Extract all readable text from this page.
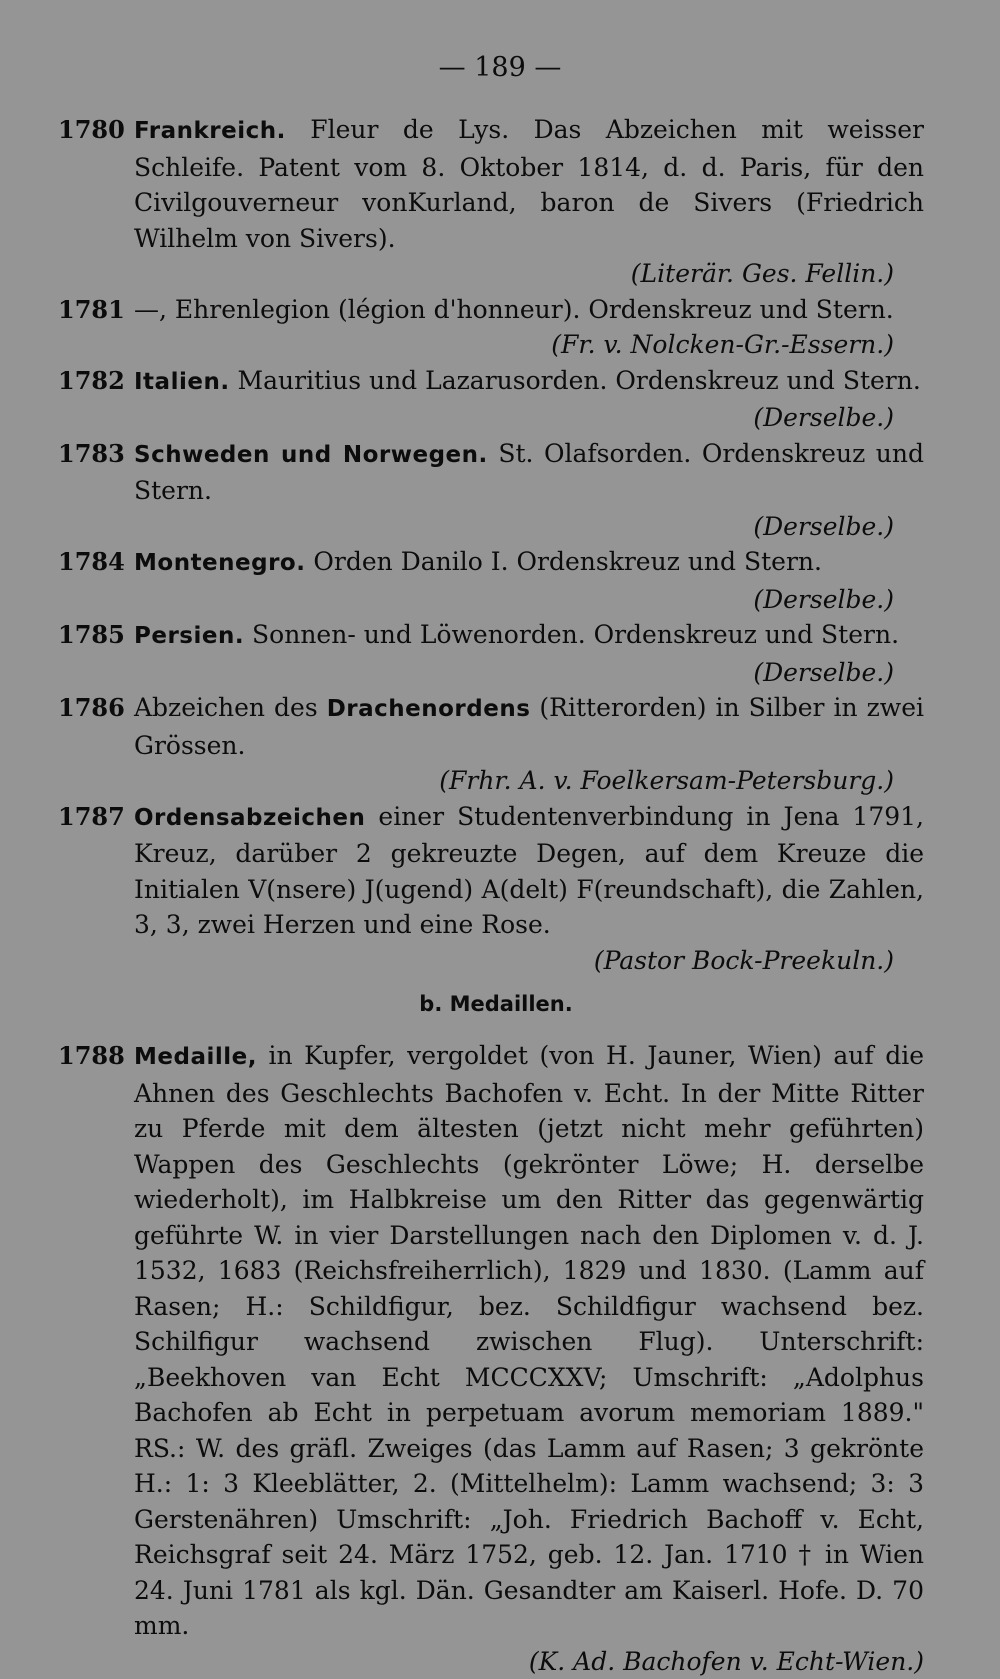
— 189 —
1780 Frankreich. Fleur de Lys. Das Abzeichen mit weisser Schleife. Patent vom 8. Oktober 1814, d. d. Paris, für den Civilgouverneur vonKurland, baron de Sivers (Friedrich Wilhelm von Sivers).
(Literär. Ges. Fellin.)
1781 —, Ehrenlegion (légion d'honneur). Ordenskreuz und Stern.
(Fr. v. Nolcken-Gr.-Essern.)
1782 Italien. Mauritius und Lazarusorden. Ordenskreuz und Stern.
(Derselbe.)
1783 Schweden und Norwegen. St. Olafsorden. Ordenskreuz und Stern.
(Derselbe.)
1784 Montenegro. Orden Danilo I. Ordenskreuz und Stern.
(Derselbe.)
1785 Persien. Sonnen- und Löwenorden. Ordenskreuz und Stern.
(Derselbe.)
1786 Abzeichen des Drachenordens (Ritterorden) in Silber in zwei Grössen.
(Frhr. A. v. Foelkersam-Petersburg.)
1787 Ordensabzeichen einer Studentenverbindung in Jena 1791, Kreuz, darüber 2 gekreuzte Degen, auf dem Kreuze die Initialen V(nsere) J(ugend) A(delt) F(reundschaft), die Zahlen, 3, 3, zwei Herzen und eine Rose.
(Pastor Bock-Preekuln.)
b. Medaillen.
1788 Medaille, in Kupfer, vergoldet (von H. Jauner, Wien) auf die Ahnen des Geschlechts Bachofen v. Echt. In der Mitte Ritter zu Pferde mit dem ältesten (jetzt nicht mehr geführten) Wappen des Geschlechts (gekrönter Löwe; H. derselbe wiederholt), im Halbkreise um den Ritter das gegenwärtig geführte W. in vier Darstellungen nach den Diplomen v. d. J. 1532, 1683 (Reichsfreiherrlich), 1829 und 1830. (Lamm auf Rasen; H.: Schildfigur, bez. Schildfigur wachsend bez. Schilfigur wachsend zwischen Flug). Unterschrift: „Beekhoven van Echt MCCCXXV; Umschrift: „Adolphus Bachofen ab Echt in perpetuam avorum memoriam 1889." RS.: W. des gräfl. Zweiges (das Lamm auf Rasen; 3 gekrönte H.: 1: 3 Kleeblätter, 2. (Mittelhelm): Lamm wachsend; 3: 3 Gerstenähren) Umschrift: „Joh. Friedrich Bachoff v. Echt, Reichsgraf seit 24. März 1752, geb. 12. Jan. 1710 † in Wien 24. Juni 1781 als kgl. Dän. Gesandter am Kaiserl. Hofe. D. 70 mm.
(K. Ad. Bachofen v. Echt-Wien.)
